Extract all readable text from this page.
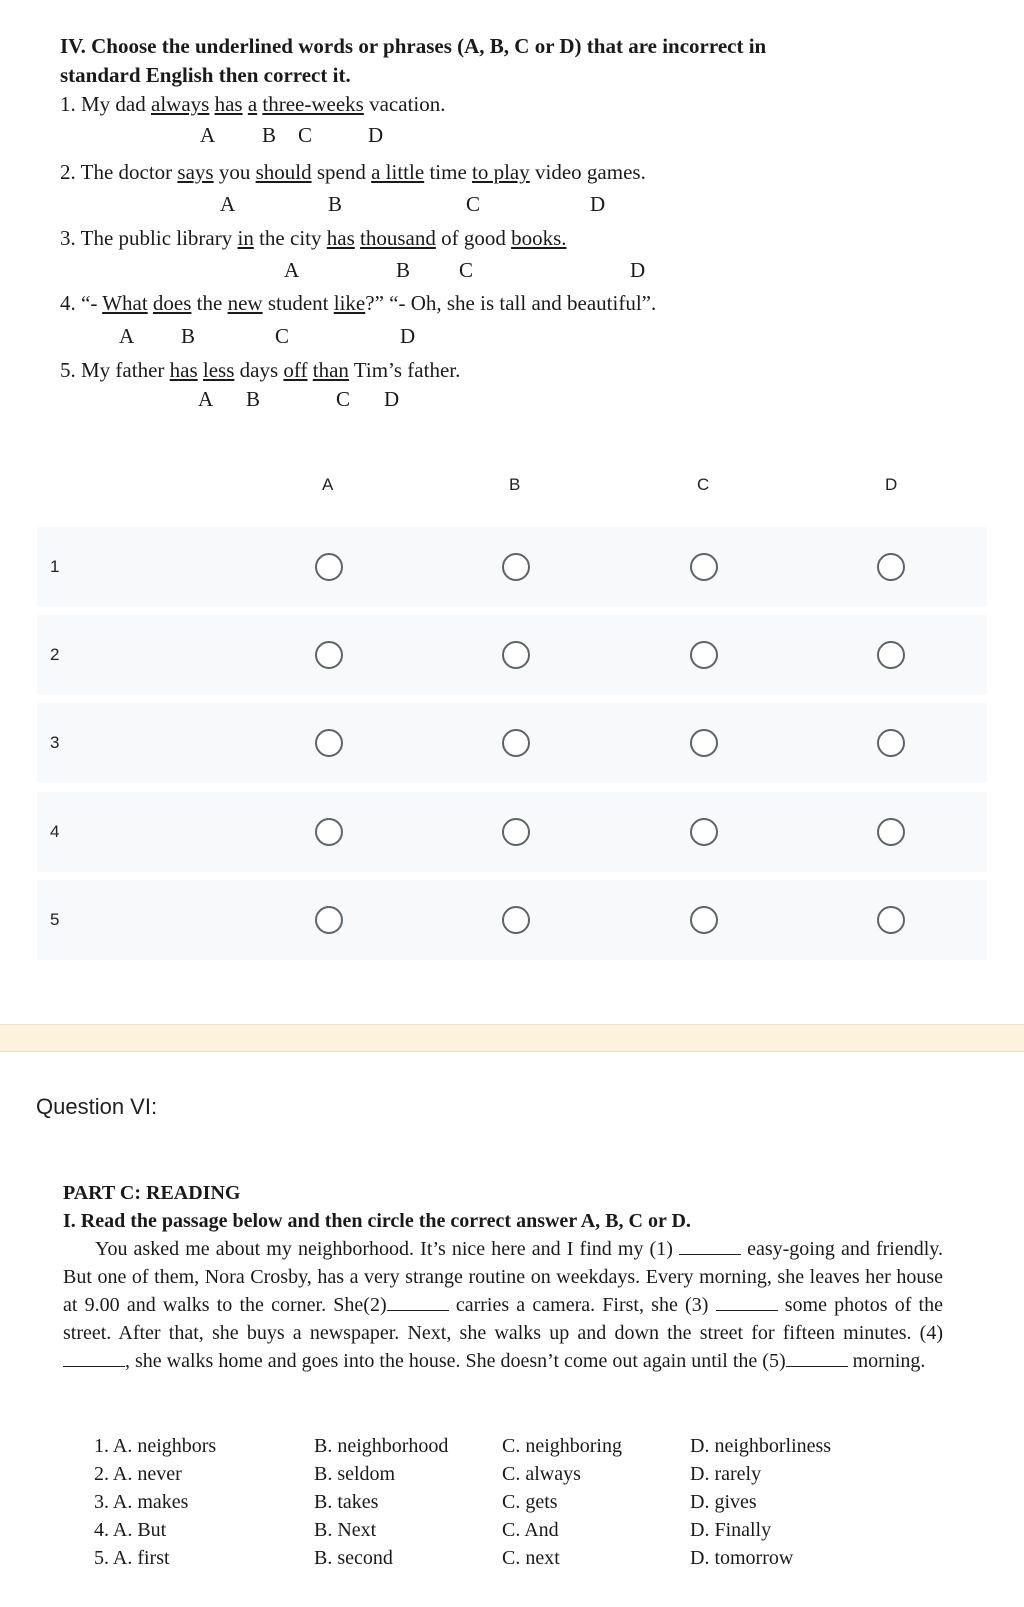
IV. Choose the underlined words or phrases (A, B, C or D) that are incorrect in
standard English then correct it.
1. My dad always has a three-weeks vacation.
A B C	D
2. The doctor says you should spend a little time to play video games.
A	B	C	D
3. The public library in the city has thousand of good books.
A	B C	D
4. “- What does the new student like?” “- Oh, she is tall and beautiful”.
A B	C	D
5. My father has less days off than Tim’s father.
A B	C D
A	B	C	D
1
2
3
4
5
Question VI:
PART C: READING
I. Read the passage below and then circle the correct answer A, B, C or D.

You asked me about my neighborhood. It’s nice here and I find my (1)	easy-going and friendly. But one of them, Nora Crosby, has a very strange routine on weekdays. Every morning, she leaves her house at 9.00 and walks to the corner. She(2)	carries a camera. First, she (3)	some photos of the street. After that, she buys a newspaper. Next, she walks up and down the street for fifteen minutes. (4) , she walks home and goes into the house. She doesn’t come out again until the (5)	morning.

1. A. neighbors	B. neighborhood	C. neighboring	D. neighborliness
2. A. never	B. seldom	C. always	D. rarely
3. A. makes	B. takes	C. gets	D. gives
4. A. But	B. Next	C. And	D. Finally
5. A. first	B. second	C. next	D. tomorrow
